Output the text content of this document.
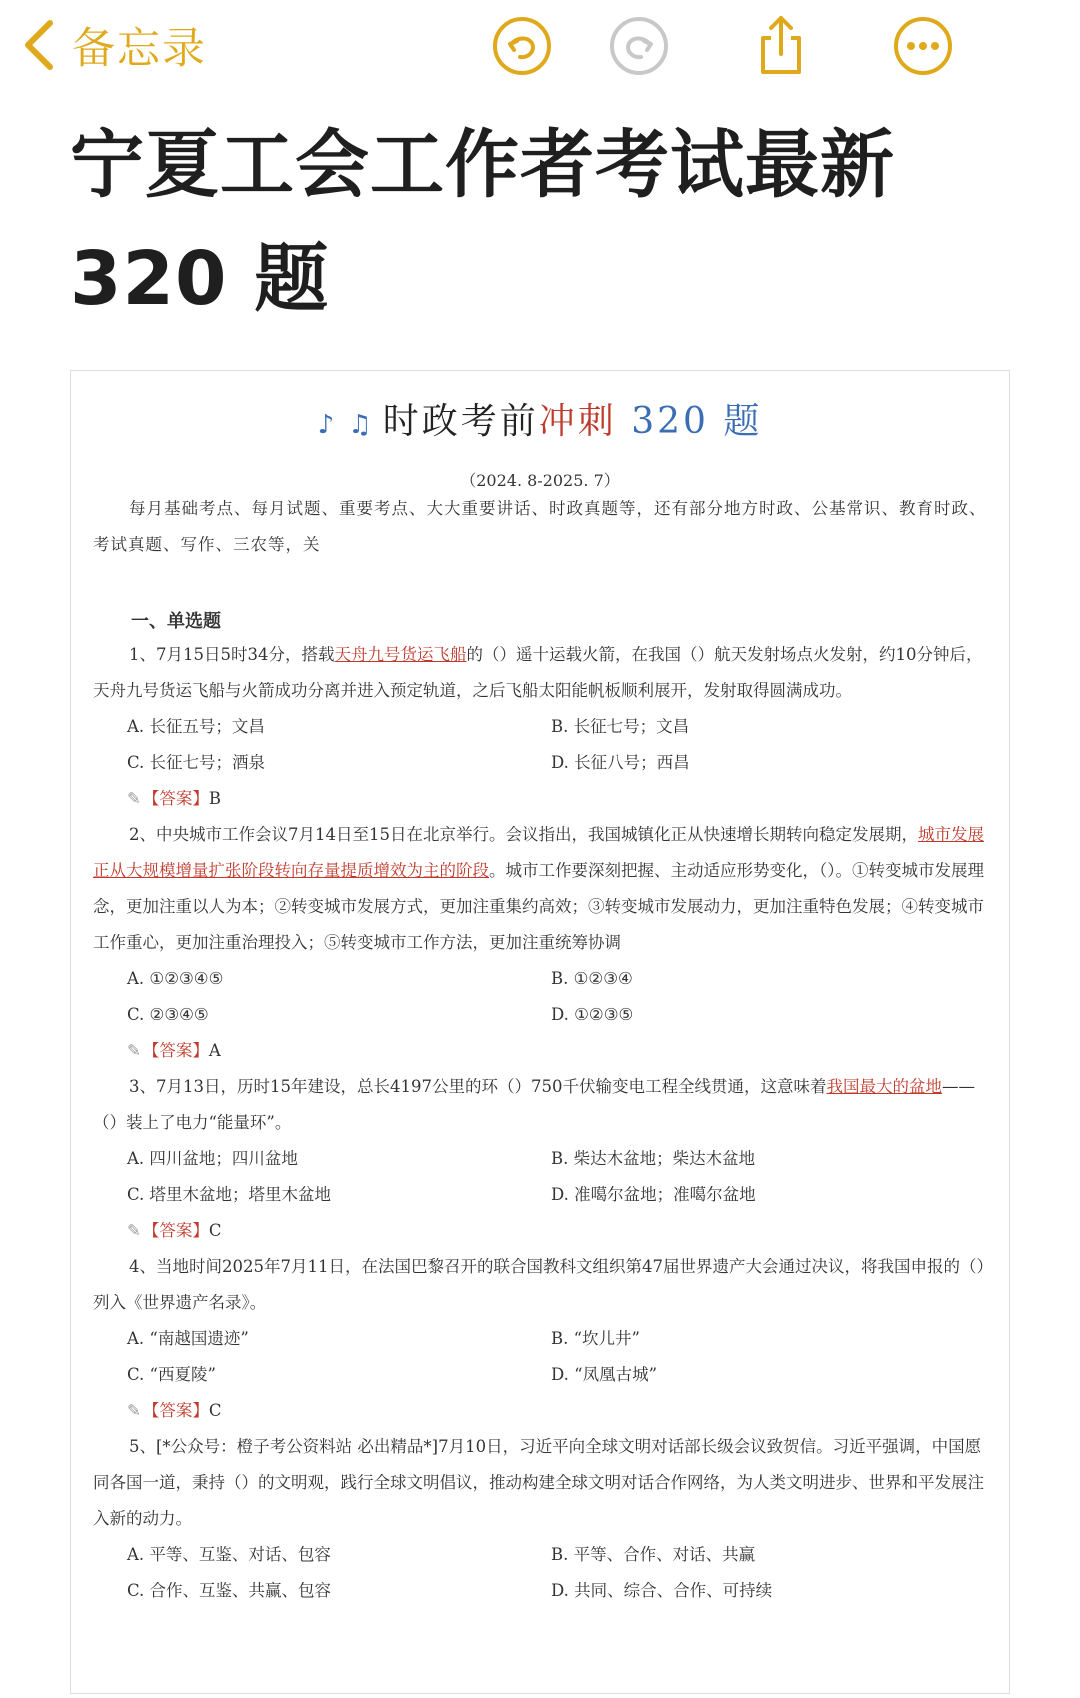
备忘录
宁夏工会工作者考试最新
320 题
♪ ♫ 时政考前冲刺 320 题
（2024. 8-2025. 7）

每月基础考点、每月试题、重要考点、大大重要讲话、时政真题等，还有部分地方时政、公基常识、教育时政、考试真题、写作、三农等，关

一、单选题

1、7月15日5时34分，搭载天舟九号货运飞船的（）遥十运载火箭，在我国（）航天发射场点火发射，约10分钟后，天舟九号货运飞船与火箭成功分离并进入预定轨道，之后飞船太阳能帆板顺利展开，发射取得圆满成功。

A. 长征五号；文昌	B. 长征七号；文昌
C. 长征七号；酒泉	D. 长征八号；西昌
✎ 【答案】B

2、中央城市工作会议7月14日至15日在北京举行。会议指出，我国城镇化正从快速增长期转向稳定发展期，城市发展正从大规模增量扩张阶段转向存量提质增效为主的阶段。城市工作要深刻把握、主动适应形势变化，（）。①转变城市发展理念，更加注重以人为本；②转变城市发展方式，更加注重集约高效；③转变城市发展动力，更加注重特色发展；④转变城市工作重心，更加注重治理投入；⑤转变城市工作方法，更加注重统筹协调

A. ①②③④⑤	B. ①②③④
C. ②③④⑤	D. ①②③⑤
✎ 【答案】A

3、7月13日，历时15年建设，总长4197公里的环（）750千伏输变电工程全线贯通，这意味着我国最大的盆地——（）装上了电力“能量环”。

A. 四川盆地；四川盆地	B. 柴达木盆地；柴达木盆地
C. 塔里木盆地；塔里木盆地	D. 准噶尔盆地；准噶尔盆地
✎ 【答案】C

4、当地时间2025年7月11日，在法国巴黎召开的联合国教科文组织第47届世界遗产大会通过决议，将我国申报的（）列入《世界遗产名录》。

A. “南越国遗迹”	B. “坎儿井”
C. “西夏陵”	D. “凤凰古城”
✎ 【答案】C

5、[*公众号：橙子考公资料站 必出精品*]7月10日，习近平向全球文明对话部长级会议致贺信。习近平强调，中国愿同各国一道，秉持（）的文明观，践行全球文明倡议，推动构建全球文明对话合作网络，为人类文明进步、世界和平发展注入新的动力。

A. 平等、互鉴、对话、包容	B. 平等、合作、对话、共赢
C. 合作、互鉴、共赢、包容	D. 共同、综合、合作、可持续
